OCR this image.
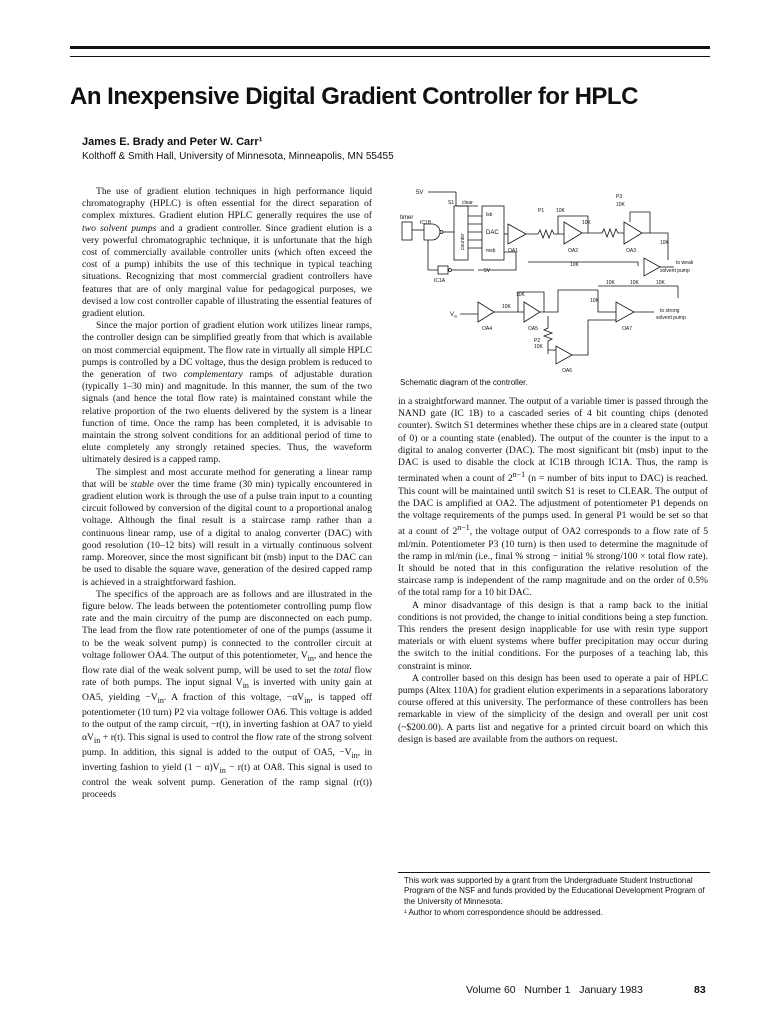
An Inexpensive Digital Gradient Controller for HPLC
James E. Brady and Peter W. Carr¹
Kolthoff & Smith Hall, University of Minnesota, Minneapolis, MN 55455

The use of gradient elution techniques in high performance liquid chromatography (HPLC) is often essential for the direct separation of complex mixtures. Gradient elution HPLC generally requires the use of two solvent pumps and a gradient controller. Since gradient elution is a very powerful chromatographic technique, it is unfortunate that the high cost of commercially available controller units (which often exceed the cost of a pump) inhibits the use of this technique in typical teaching situations. Recognizing that most commercial gradient controllers have features that are of only marginal value for pedagogical purposes, we devised a low cost controller capable of illustrating the essential features of gradient elution.

Since the major portion of gradient elution work utilizes linear ramps, the controller design can be simplified greatly from that which is available on most commercial equipment. The flow rate in virtually all simple HPLC pumps is controlled by a DC voltage, thus the design problem is reduced to the generation of two complementary ramps of adjustable duration (typically 1–30 min) and magnitude. In this manner, the sum of the two signals (and hence the total flow rate) is maintained constant while the relative proportion of the two eluents delivered by the system is a linear function of time. Once the ramp has been completed, it is advisable to maintain the strong solvent conditions for an additional period of time to elute completely any strongly retained species. Thus, the waveform ultimately desired is a capped ramp.

The simplest and most accurate method for generating a linear ramp that will be stable over the time frame (30 min) typically encountered in gradient elution work is through the use of a pulse train input to a counting circuit followed by conversion of the digital count to a proportional analog voltage. Although the final result is a staircase ramp rather than a continuous linear ramp, use of a digital to analog converter (DAC) with good resolution (10–12 bits) will result in a virtually continuous solvent ramp. Moreover, since the most significant bit (msb) input to the DAC can be used to disable the square wave, generation of the desired capped ramp is achieved in a straightforward fashion.

The specifics of the approach are as follows and are illustrated in the figure below. The leads between the potentiometer controlling pump flow rate and the main circuitry of the pump are disconnected on each pump. The lead from the flow rate potentiometer of one of the pumps (assume it to be the weak solvent pump) is connected to the controller circuit at voltage follower OA4. The output of this potentiometer, $V_{in}$, and hence the flow rate dial of the weak solvent pump, will be used to set the total flow rate of both pumps. The input signal $V_{in}$ is inverted with unity gain at OA5, yielding $-V_{in}$. A fraction of this voltage, $-\alpha V_{in}$, is tapped off potentiometer (10 turn) P2 via voltage follower OA6. This voltage is added to the output of the ramp circuit, −r(t), in inverting fashion at OA7 to yield $\alpha V_{in} + r(t)$. This signal is used to control the flow rate of the strong solvent pump. In addition, this signal is added to the output of OA5, $-V_{in}$, in inverting fashion to yield $(1 - \alpha)V_{in} - r(t)$ at OA8. This signal is used to control the weak solvent pump. Generation of the ramp signal (r(t)) proceeds

5V
S1 clear
timer
IC1B
counter
lsb
DAC
msb	OA1
P1 10K
OA2
10K
P3
10K
OA3
10K
to weak
solvent pump
IC1A
5V
10K
10K	10K	10K
$V_{in}$
OA4
10K
OA5
10K
10K
OA7
to strong
solvent pump
P2
10K
OA6
Schematic diagram of the controller.

in a straightforward manner. The output of a variable timer is passed through the NAND gate (IC 1B) to a cascaded series of 4 bit counting chips (denoted counter). Switch S1 determines whether these chips are in a cleared state (output of 0) or a counting state (enabled). The output of the counter is the input to a digital to analog converter (DAC). The most significant bit (msb) input to the DAC is used to disable the clock at IC1B through IC1A. Thus, the ramp is terminated when a count of $2^{n-1}$ (n = number of bits input to DAC) is reached. This count will be maintained until switch S1 is reset to CLEAR. The output of the DAC is amplified at OA2. The adjustment of potentiometer P1 depends on the voltage requirements of the pumps used. In general P1 would be set so that at a count of $2^{n-1}$, the voltage output of OA2 corresponds to a flow rate of 5 ml/min. Potentiometer P3 (10 turn) is then used to determine the magnitude of the ramp in ml/min (i.e., final % strong − initial % strong/100 × total flow rate). It should be noted that in this configuration the relative resolution of the staircase ramp is independent of the ramp magnitude and on the order of 0.5% of the total ramp for a 10 bit DAC.

A minor disadvantage of this design is that a ramp back to the initial conditions is not provided, the change to initial conditions being a step function. This renders the present design inapplicable for use with resin type support materials or with eluent systems where buffer precipitation may occur during the switch to the initial conditions. For the purposes of a teaching lab, this constraint is minor.

A controller based on this design has been used to operate a pair of HPLC pumps (Altex 110A) for gradient elution experiments in a separations laboratory course offered at this university. The performance of these controllers has been remarkable in view of the simplicity of the design and overall per unit cost (~$200.00). A parts list and negative for a printed circuit board on which this design is based are available from the authors on request.

This work was supported by a grant from the Undergraduate Student Instructional Program of the NSF and funds provided by the Educational Development Program of the University of Minnesota.

¹ Author to whom correspondence should be addressed.

Volume 60   Number 1   January 1983	83
